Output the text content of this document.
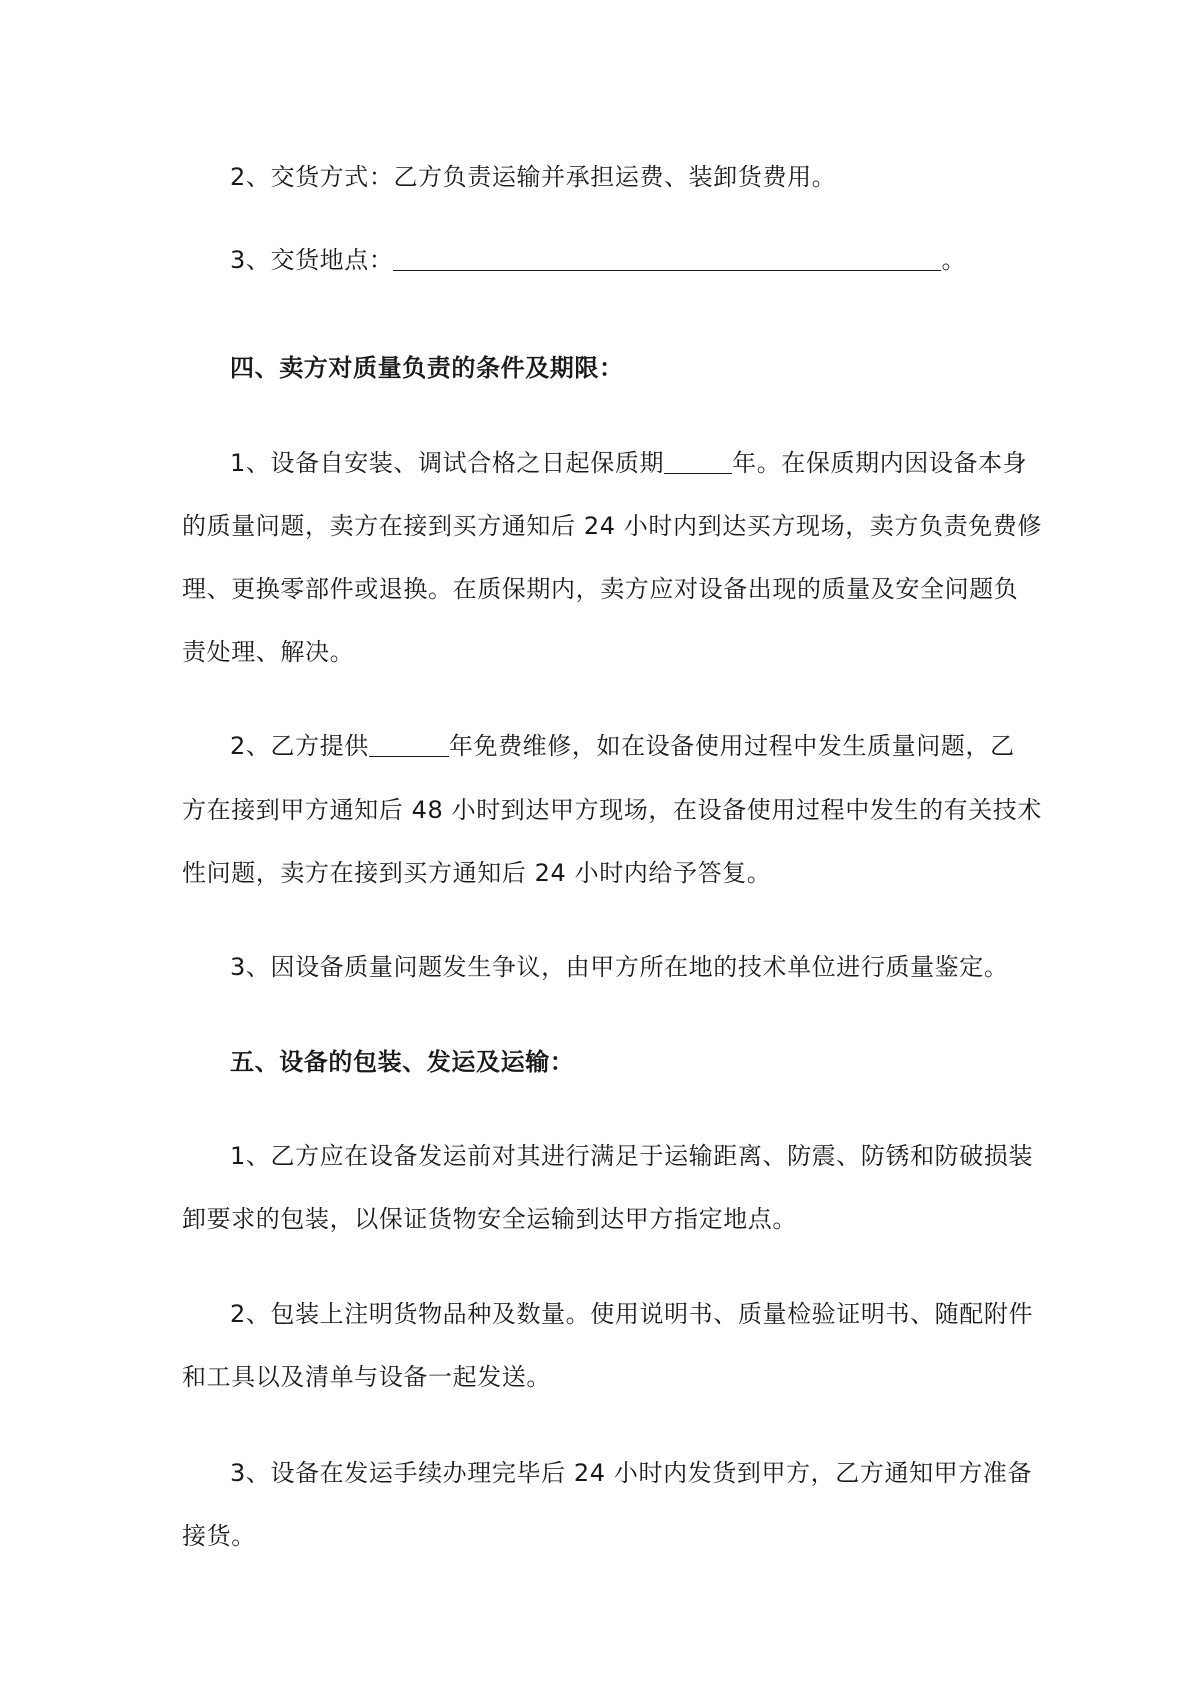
2、交货方式：乙方负责运输并承担运费、装卸货费用。
3、交货地点：	。
四、卖方对质量负责的条件及期限：
1、设备自安装、调试合格之日起保质期	年。在保质期内因设备本身
的质量问题，卖方在接到买方通知后 24 小时内到达买方现场，卖方负责免费修
理、更换零部件或退换。在质保期内，卖方应对设备出现的质量及安全问题负
责处理、解决。
2、乙方提供	年免费维修，如在设备使用过程中发生质量问题，乙
方在接到甲方通知后 48 小时到达甲方现场，在设备使用过程中发生的有关技术
性问题，卖方在接到买方通知后 24 小时内给予答复。
3、因设备质量问题发生争议，由甲方所在地的技术单位进行质量鉴定。
五、设备的包装、发运及运输：
1、乙方应在设备发运前对其进行满足于运输距离、防震、防锈和防破损装
卸要求的包装，以保证货物安全运输到达甲方指定地点。
2、包装上注明货物品种及数量。使用说明书、质量检验证明书、随配附件
和工具以及清单与设备一起发送。
3、设备在发运手续办理完毕后 24 小时内发货到甲方，乙方通知甲方准备
接货。
